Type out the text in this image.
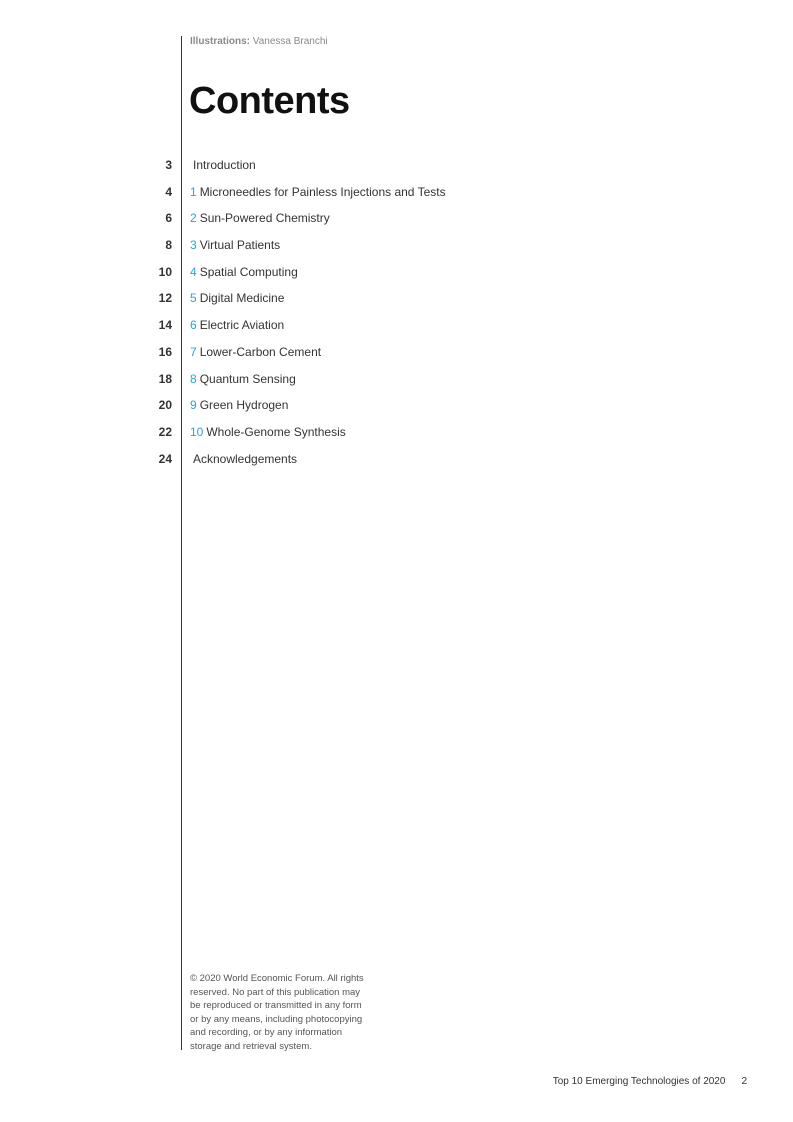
Illustrations: Vanessa Branchi
Contents
3 Introduction
4 1 Microneedles for Painless Injections and Tests
6 2 Sun-Powered Chemistry
8 3 Virtual Patients
10 4 Spatial Computing
12 5 Digital Medicine
14 6 Electric Aviation
16 7 Lower-Carbon Cement
18 8 Quantum Sensing
20 9 Green Hydrogen
22 10 Whole-Genome Synthesis
24 Acknowledgements

© 2020 World Economic Forum. All rights
reserved. No part of this publication may
be reproduced or transmitted in any form
or by any means, including photocopying
and recording, or by any information
storage and retrieval system.

Top 10 Emerging Technologies of 2020 2
